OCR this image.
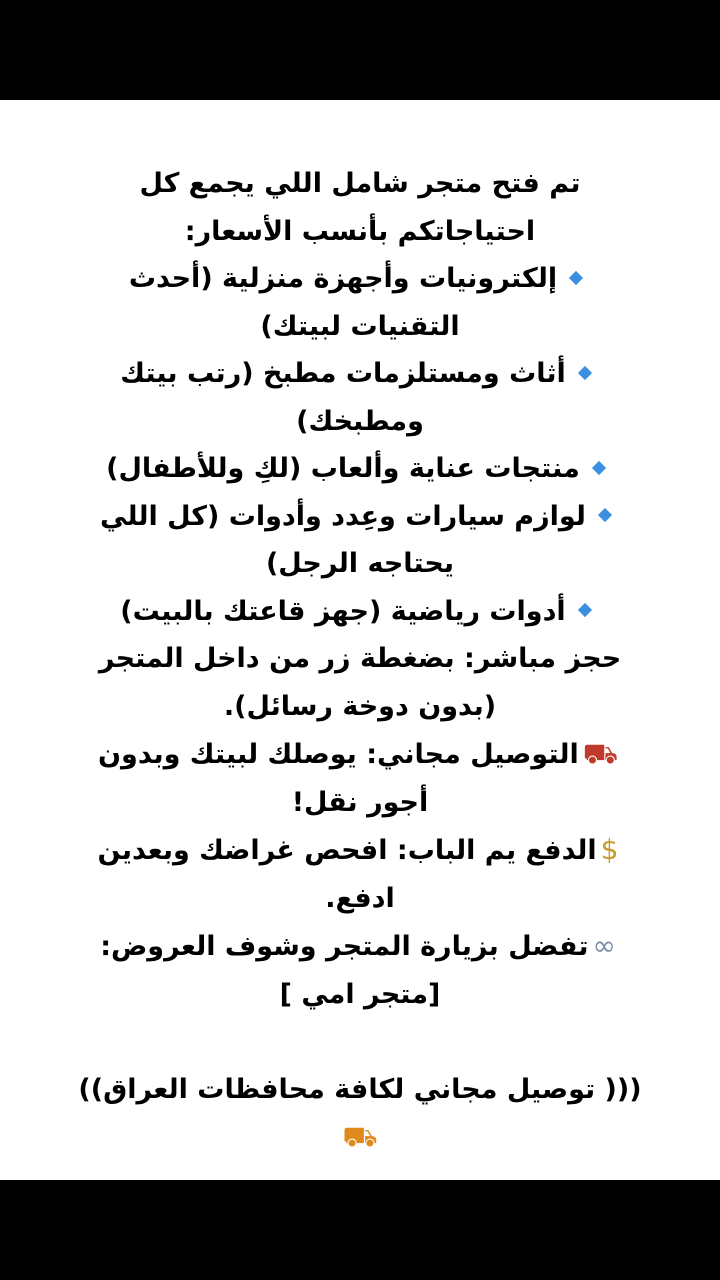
تم فتح متجر شامل اللي يجمع كل احتياجاتكم بأنسب الأسعار:
إلكترونيات وأجهزة منزلية (أحدث التقنيات لبيتك)
أثاث ومستلزمات مطبخ (رتب بيتك ومطبخك)
منتجات عناية وألعاب (لكِ وللأطفال)
لوازم سيارات وعِدد وأدوات (كل اللي يحتاجه الرجل)
أدوات رياضية (جهز قاعتك بالبيت)
حجز مباشر: بضغطة زر من داخل المتجر (بدون دوخة رسائل).
⛟التوصيل مجاني: يوصلك لبيتك وبدون أجور نقل!
$الدفع يم الباب: افحص غراضك وبعدين ادفع.
∞تفضل بزيارة المتجر وشوف العروض:
[متجر امي ]
((( توصيل مجاني لكافة محافظات العراق))⛟
